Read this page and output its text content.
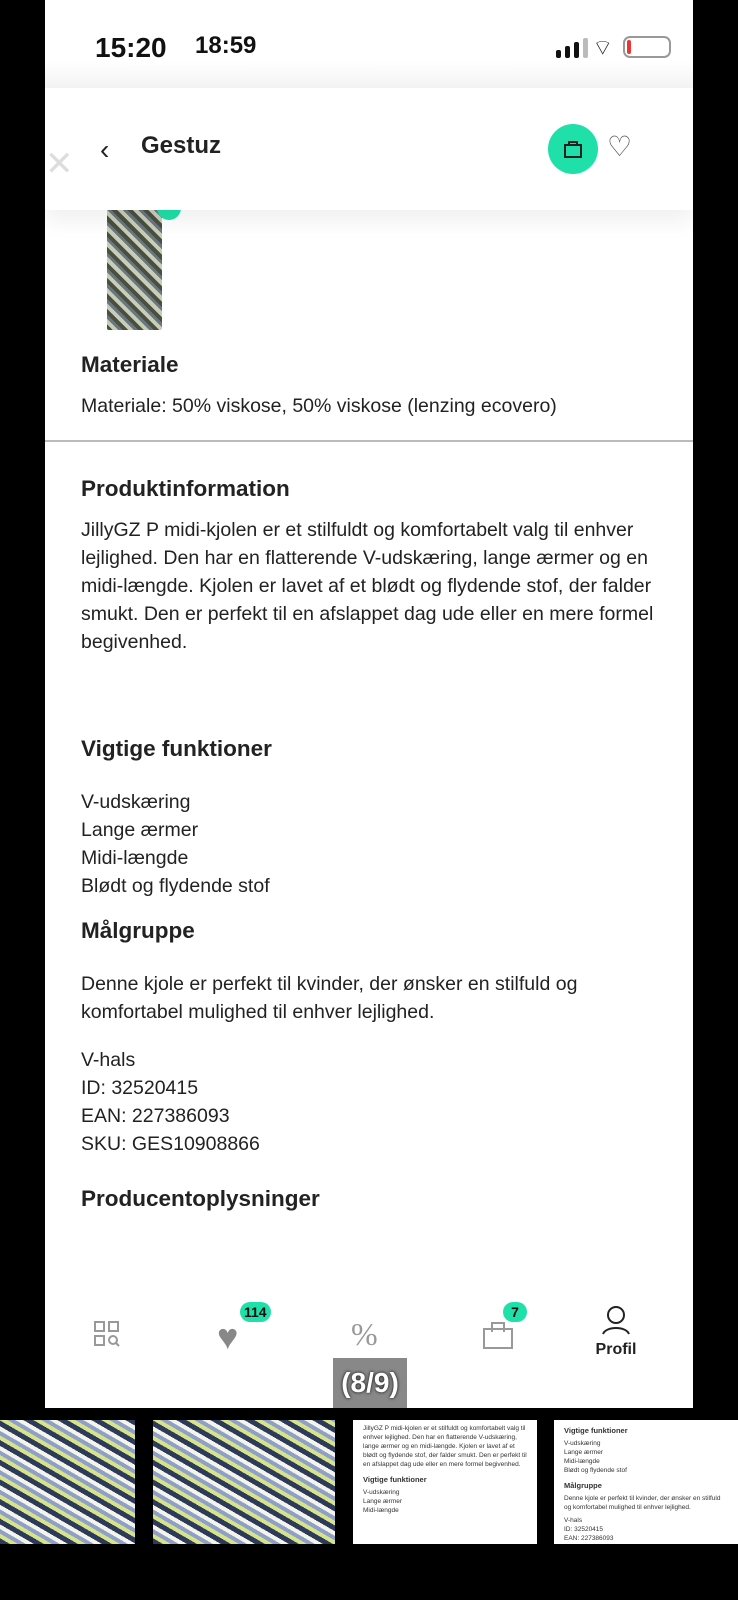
15:20 18:59	⌔
✕ ‹ Gestuz	♡
Materiale

Materiale: 50% viskose, 50% viskose (lenzing ecovero)

Produktinformation

JillyGZ P midi-kjolen er et stilfuldt og komfortabelt valg til enhver lejlighed. Den har en flatterende V-udskæring, lange ærmer og en midi-længde. Kjolen er lavet af et blødt og flydende stof, der falder smukt. Den er perfekt til en afslappet dag ude eller en mere formel begivenhed.

Vigtige funktioner
V-udskæring
Lange ærmer
Midi-længde
Blødt og flydende stof
Målgruppe

Denne kjole er perfekt til kvinder, der ønsker en stilfuld og komfortabel mulighed til enhver lejlighed.

V-hals
ID: 32520415
EAN: 227386093
SKU: GES10908866
Producentoplysninger
♥
114
%
7
Profil
(8/9)
JillyGZ P midi-kjolen er et stilfuldt og komfortabelt valg til enhver lejlighed. Den har en flatterende V-udskæring, lange ærmer og en midi-længde. Kjolen er lavet af et blødt og flydende stof, der falder smukt. Den er perfekt til en afslappet dag ude eller en mere formel begivenhed.
Vigtige funktioner
V-udskæring
Lange ærmer
Midi-længde
Vigtige funktioner
V-udskæring
Lange ærmer
Midi-længde
Blødt og flydende stof
Målgruppe
Denne kjole er perfekt til kvinder, der ønsker en stilfuld og komfortabel mulighed til enhver lejlighed.
V-hals
ID: 32520415
EAN: 227386093
